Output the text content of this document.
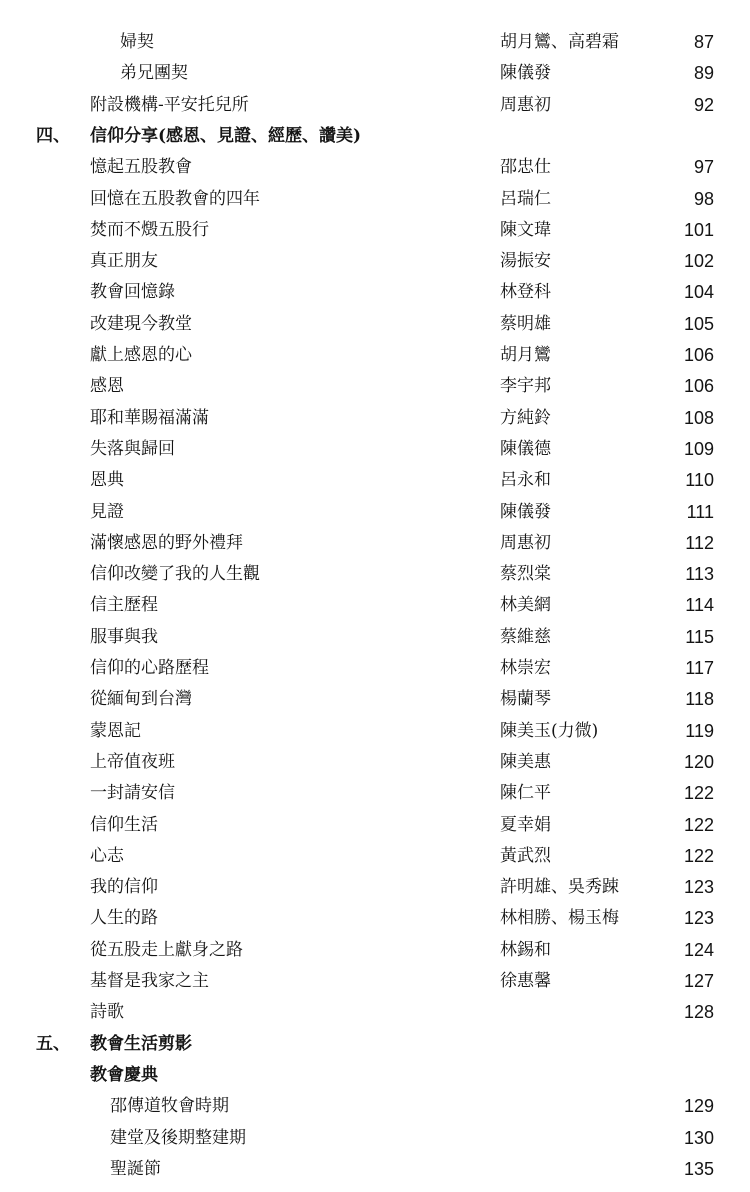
婦契	胡月鸞、高碧霜	87
弟兄團契	陳儀發	89
附設機構-平安托兒所	周惠初	92
四、 信仰分享(感恩、見證、經歷、讚美)
憶起五股教會	邵忠仕	97
回憶在五股教會的四年	呂瑞仁	98
焚而不燬五股行	陳文瑋	101
真正朋友	湯振安	102
教會回憶錄	林登科	104
改建現今教堂	蔡明雄	105
獻上感恩的心	胡月鸞	106
感恩	李宇邦	106
耶和華賜福滿滿	方純鈴	108
失落與歸回	陳儀德	109
恩典	呂永和	110
見證	陳儀發	111
滿懷感恩的野外禮拜	周惠初	112
信仰改變了我的人生觀	蔡烈棠	113
信主歷程	林美網	114
服事與我	蔡維慈	115
信仰的心路歷程	林崇宏	117
從緬甸到台灣	楊蘭琴	118
蒙恩記	陳美玉(力微)	119
上帝值夜班	陳美惠	120
一封請安信	陳仁平	122
信仰生活	夏幸娟	122
心志	黃武烈	122
我的信仰	許明雄、吳秀踈	123
人生的路	林相勝、楊玉梅	123
從五股走上獻身之路	林錫和	124
基督是我家之主	徐惠馨	127
詩歌	128
五、 教會生活剪影
教會慶典
邵傳道牧會時期	129
建堂及後期整建期	130
聖誕節	135
